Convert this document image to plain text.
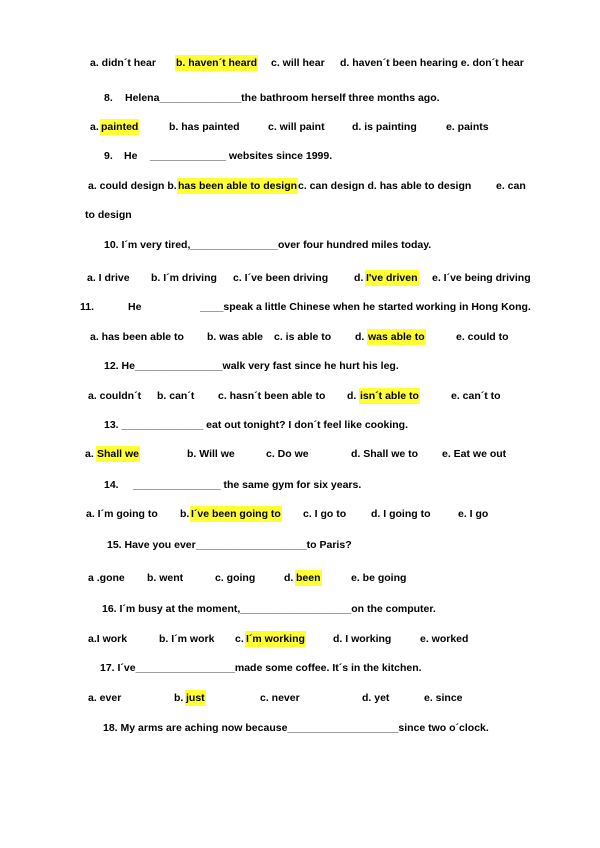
a. didn´t hear b. haven´t heard c. will hear d. haven´t been hearing e. don´t hear
8. Helena______________the bathroom herself three months ago.
a. painted	b. has painted	c. will paint	d. is painting	e. paints
9. He _____________ websites since 1999.
a. could design b. has been able to design c. can design d. has able to design e. can
to design
10. I´m very tired,_______________over four hundred miles today.
a. I drive b. I´m driving c. I´ve been driving d. I've driven e. I´ve being driving
11.	He	____speak a little Chinese when he started working in Hong Kong.
a. has been able to b. was able c. is able to d. was able to	e. could to
12. He_______________walk very fast since he hurt his leg.
a. couldn´t b. can´t c. hasn´t been able to d. isn´t able to	e. can´t to
13. ______________ eat out tonight? I don´t feel like cooking.
a. Shall we	b. Will we	c. Do we	d. Shall we to e. Eat we out
14. _______________ the same gym for six years.
a. I´m going to b. I´ve been going to c. I go to d. I going to	e. I go
15. Have you ever___________________to Paris?
a .gone b. went	c. going	d. been	e. be going
16. I´m busy at the moment,___________________on the computer.
a.I work	b. I´m work c. I´m working	d. I working	e. worked
17. I´ve_________________made some coffee. It´s in the kitchen.
a. ever	b. just	c. never	d. yet	e. since
18. My arms are aching now because___________________since two o´clock.
